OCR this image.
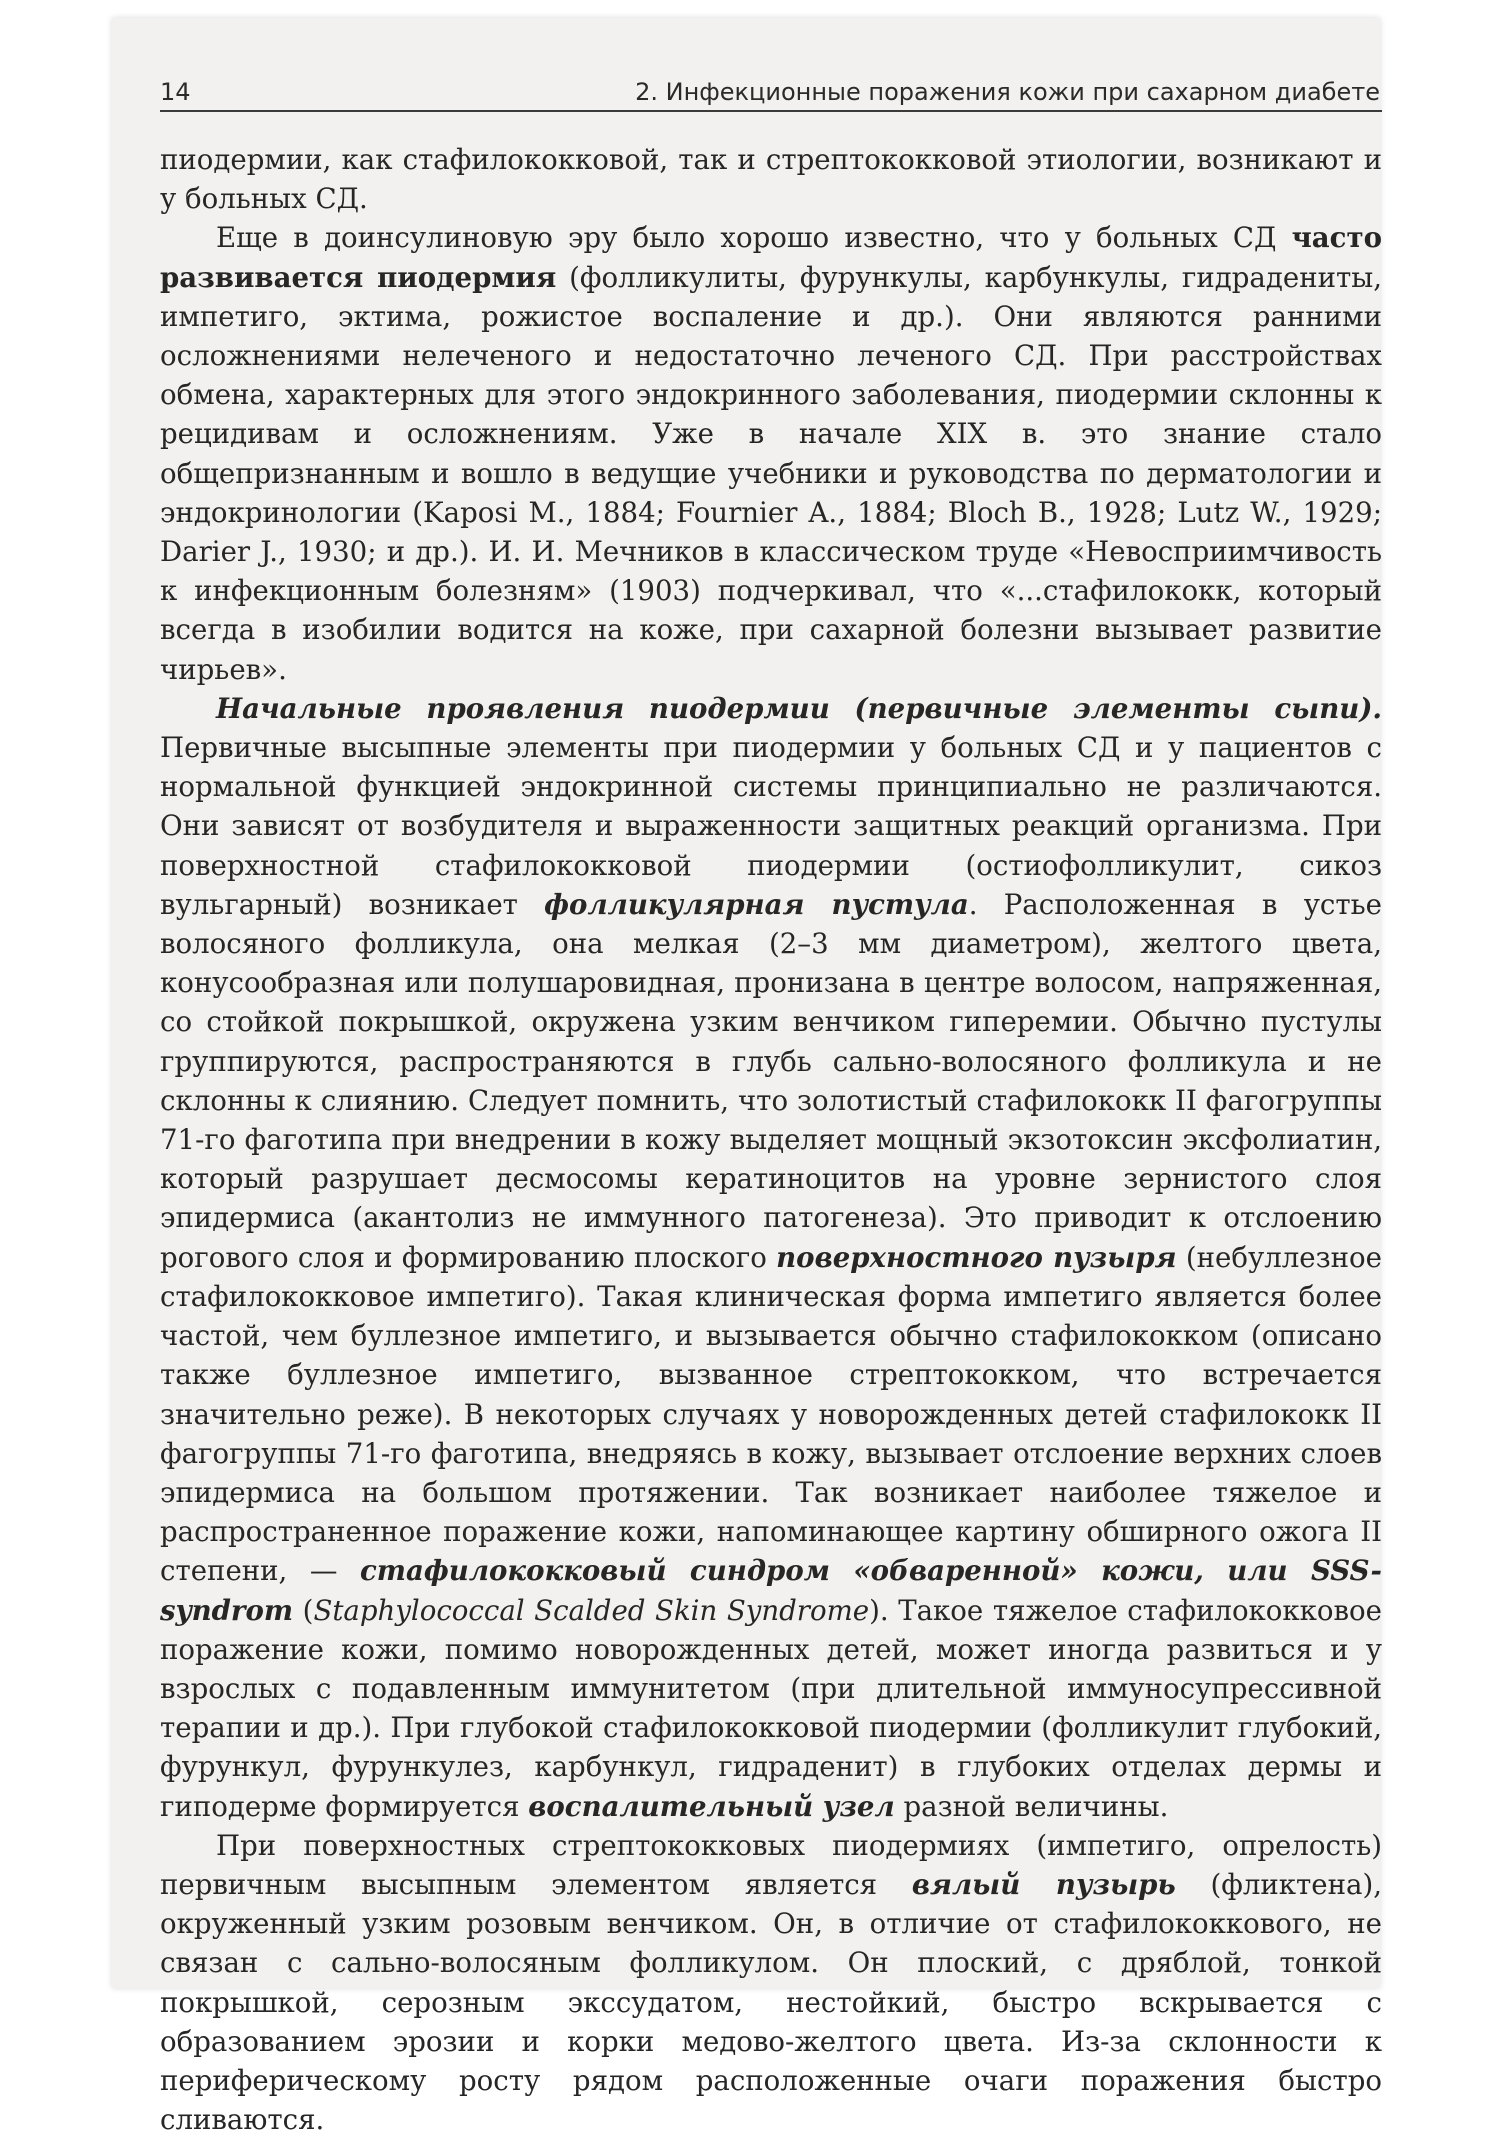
14	2. Инфекционные поражения кожи при сахарном диабете

пиодермии, как стафилококковой, так и стрептококковой этиологии, возникают и у больных СД.

Еще в доинсулиновую эру было хорошо известно, что у больных СД часто развивается пиодермия (фолликулиты, фурункулы, карбункулы, гидрадениты, импетиго, эктима, рожистое воспаление и др.). Они являются ранними осложнениями нелеченого и недостаточно леченого СД. При расстройствах обмена, характерных для этого эндокринного заболевания, пиодермии склонны к рецидивам и осложнениям. Уже в начале XIX в. это знание стало общепризнанным и вошло в ведущие учебники и руководства по дерматологии и эндокринологии (Kaposi M., 1884; Fournier A., 1884; Bloch B., 1928; Lutz W., 1929; Darier J., 1930; и др.). И. И. Мечников в классическом труде «Невосприимчивость к инфекционным болезням» (1903) подчеркивал, что «...стафилококк, который всегда в изобилии водится на коже, при сахарной болезни вызывает развитие чирьев».

Начальные проявления пиодермии (первичные элементы сыпи). Первичные высыпные элементы при пиодермии у больных СД и у пациентов с нормальной функцией эндокринной системы принципиально не различаются. Они зависят от возбудителя и выраженности защитных реакций организма. При поверхностной стафилококковой пиодермии (остиофолликулит, сикоз вульгарный) возникает фолликулярная пустула. Расположенная в устье волосяного фолликула, она мелкая (2–3 мм диаметром), желтого цвета, конусообразная или полушаровидная, пронизана в центре волосом, напряженная, со стойкой покрышкой, окружена узким венчиком гиперемии. Обычно пустулы группируются, распространяются в глубь сально-волосяного фолликула и не склонны к слиянию. Следует помнить, что золотистый стафилококк II фагогруппы 71-го фаготипа при внедрении в кожу выделяет мощный экзотоксин эксфолиатин, который разрушает десмосомы кератиноцитов на уровне зернистого слоя эпидермиса (акантолиз не иммунного патогенеза). Это приводит к отслоению рогового слоя и формированию плоского поверхностного пузыря (небуллезное стафилококковое импетиго). Такая клиническая форма импетиго является более частой, чем буллезное импетиго, и вызывается обычно стафилококком (описано также буллезное импетиго, вызванное стрептококком, что встречается значительно реже). В некоторых случаях у новорожденных детей стафилококк II фагогруппы 71-го фаготипа, внедряясь в кожу, вызывает отслоение верхних слоев эпидермиса на большом протяжении. Так возникает наиболее тяжелое и распространенное поражение кожи, напоминающее картину обширного ожога II степени, — стафилококковый синдром «обваренной» кожи, или SSS-syndrom (Staphylococcal Scalded Skin Syndrome). Такое тяжелое стафилококковое поражение кожи, помимо новорожденных детей, может иногда развиться и у взрослых с подавленным иммунитетом (при длительной иммуносупрессивной терапии и др.). При глубокой стафилококковой пиодермии (фолликулит глубокий, фурункул, фурункулез, карбункул, гидраденит) в глубоких отделах дермы и гиподерме формируется воспалительный узел разной величины.

При поверхностных стрептококковых пиодермиях (импетиго, опрелость) первичным высыпным элементом является вялый пузырь (фликтена), окруженный узким розовым венчиком. Он, в отличие от стафилококкового, не связан с сально-волосяным фолликулом. Он плоский, с дряблой, тонкой покрышкой, серозным экссудатом, нестойкий, быстро вскрывается с образованием эрозии и корки медово-желтого цвета. Из-за склонности к периферическому росту рядом расположенные очаги поражения быстро сливаются.
